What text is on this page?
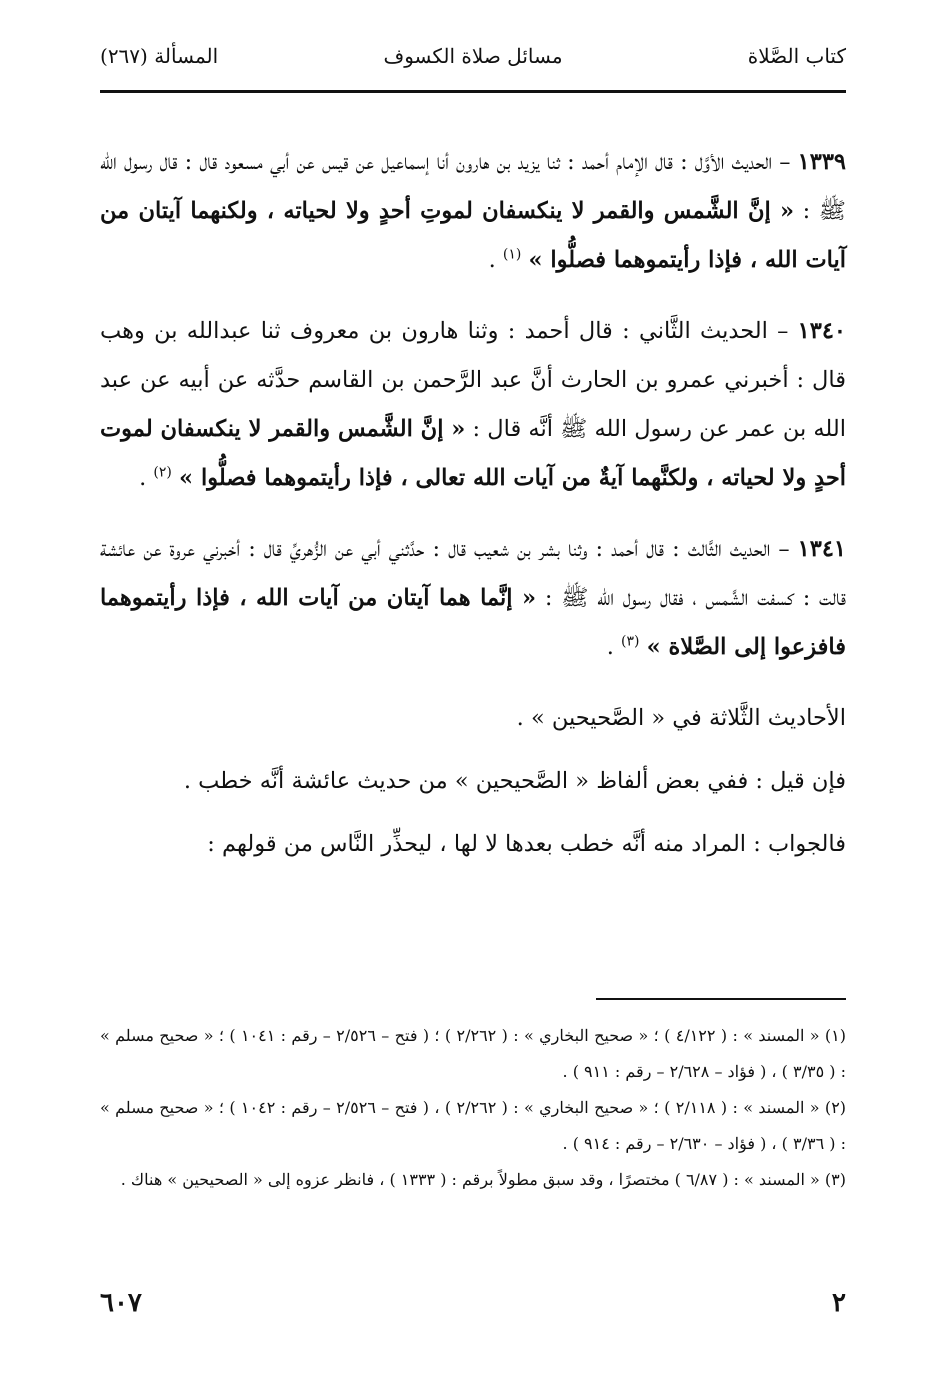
كتاب الصَّلاة
مسائل صلاة الكسوف
المسألة (٢٦٧)

١٣٣٩ – الحديث الأوَّل : قال الإمام أحمد : ثنا يزيد بن هارون أنا إسماعيل عن قيس عن أبي مسعود قال : قال رسول الله ﷺ : « إنَّ الشَّمس والقمر لا ينكسفان لموتِ أحدٍ ولا لحياته ، ولكنهما آيتان من آيات الله ، فإذا رأيتموهما فصلُّوا » $^{(١)}$ .

١٣٤٠ – الحديث الثَّاني : قال أحمد : وثنا هارون بن معروف ثنا عبدالله بن وهب قال : أخبرني عمرو بن الحارث أنَّ عبد الرَّحمن بن القاسم حدَّثه عن أبيه عن عبد الله بن عمر عن رسول الله ﷺ أنَّه قال : « إنَّ الشَّمس والقمر لا ينكسفان لموت أحدٍ ولا لحياته ، ولكنَّهما آيةٌ من آيات الله تعالى ، فإذا رأيتموهما فصلُّوا » $^{(٢)}$ .

١٣٤١ – الحديث الثَّالث : قال أحمد : وثنا بشر بن شعيب قال : حدَّثني أبي عن الزُّهريِّ قال : أخبرني عروة عن عائشة قالت : كسفت الشَّمس ، فقال رسول الله ﷺ : « إنَّما هما آيتان من آيات الله ، فإذا رأيتموهما فافزعوا إلى الصَّلاة » $^{(٣)}$ .

الأحاديث الثَّلاثة في « الصَّحيحين » .

فإن قيل : ففي بعض ألفاظ « الصَّحيحين » من حديث عائشة أنَّه خطب .

فالجواب : المراد منه أنَّه خطب بعدها لا لها ، ليحذِّر النَّاس من قولهم :

(١) « المسند » : ( ٤/١٢٢ ) ؛ « صحيح البخاري » : ( ٢/٢٦٢ ) ؛ ( فتح – ٢/٥٢٦ – رقم : ١٠٤١ ) ؛ « صحيح مسلم » : ( ٣/٣٥ ) ، ( فؤاد – ٢/٦٢٨ – رقم : ٩١١ ) .

(٢) « المسند » : ( ٢/١١٨ ) ؛ « صحيح البخاري » : ( ٢/٢٦٢ ) ، ( فتح – ٢/٥٢٦ – رقم : ١٠٤٢ ) ؛ « صحيح مسلم » : ( ٣/٣٦ ) ، ( فؤاد – ٢/٦٣٠ – رقم : ٩١٤ ) .

(٣) « المسند » : ( ٦/٨٧ ) مختصرًا ، وقد سبق مطولاً برقم : ( ١٣٣٣ ) ، فانظر عزوه إلى « الصحيحين » هناك .

٢
٦٠٧
